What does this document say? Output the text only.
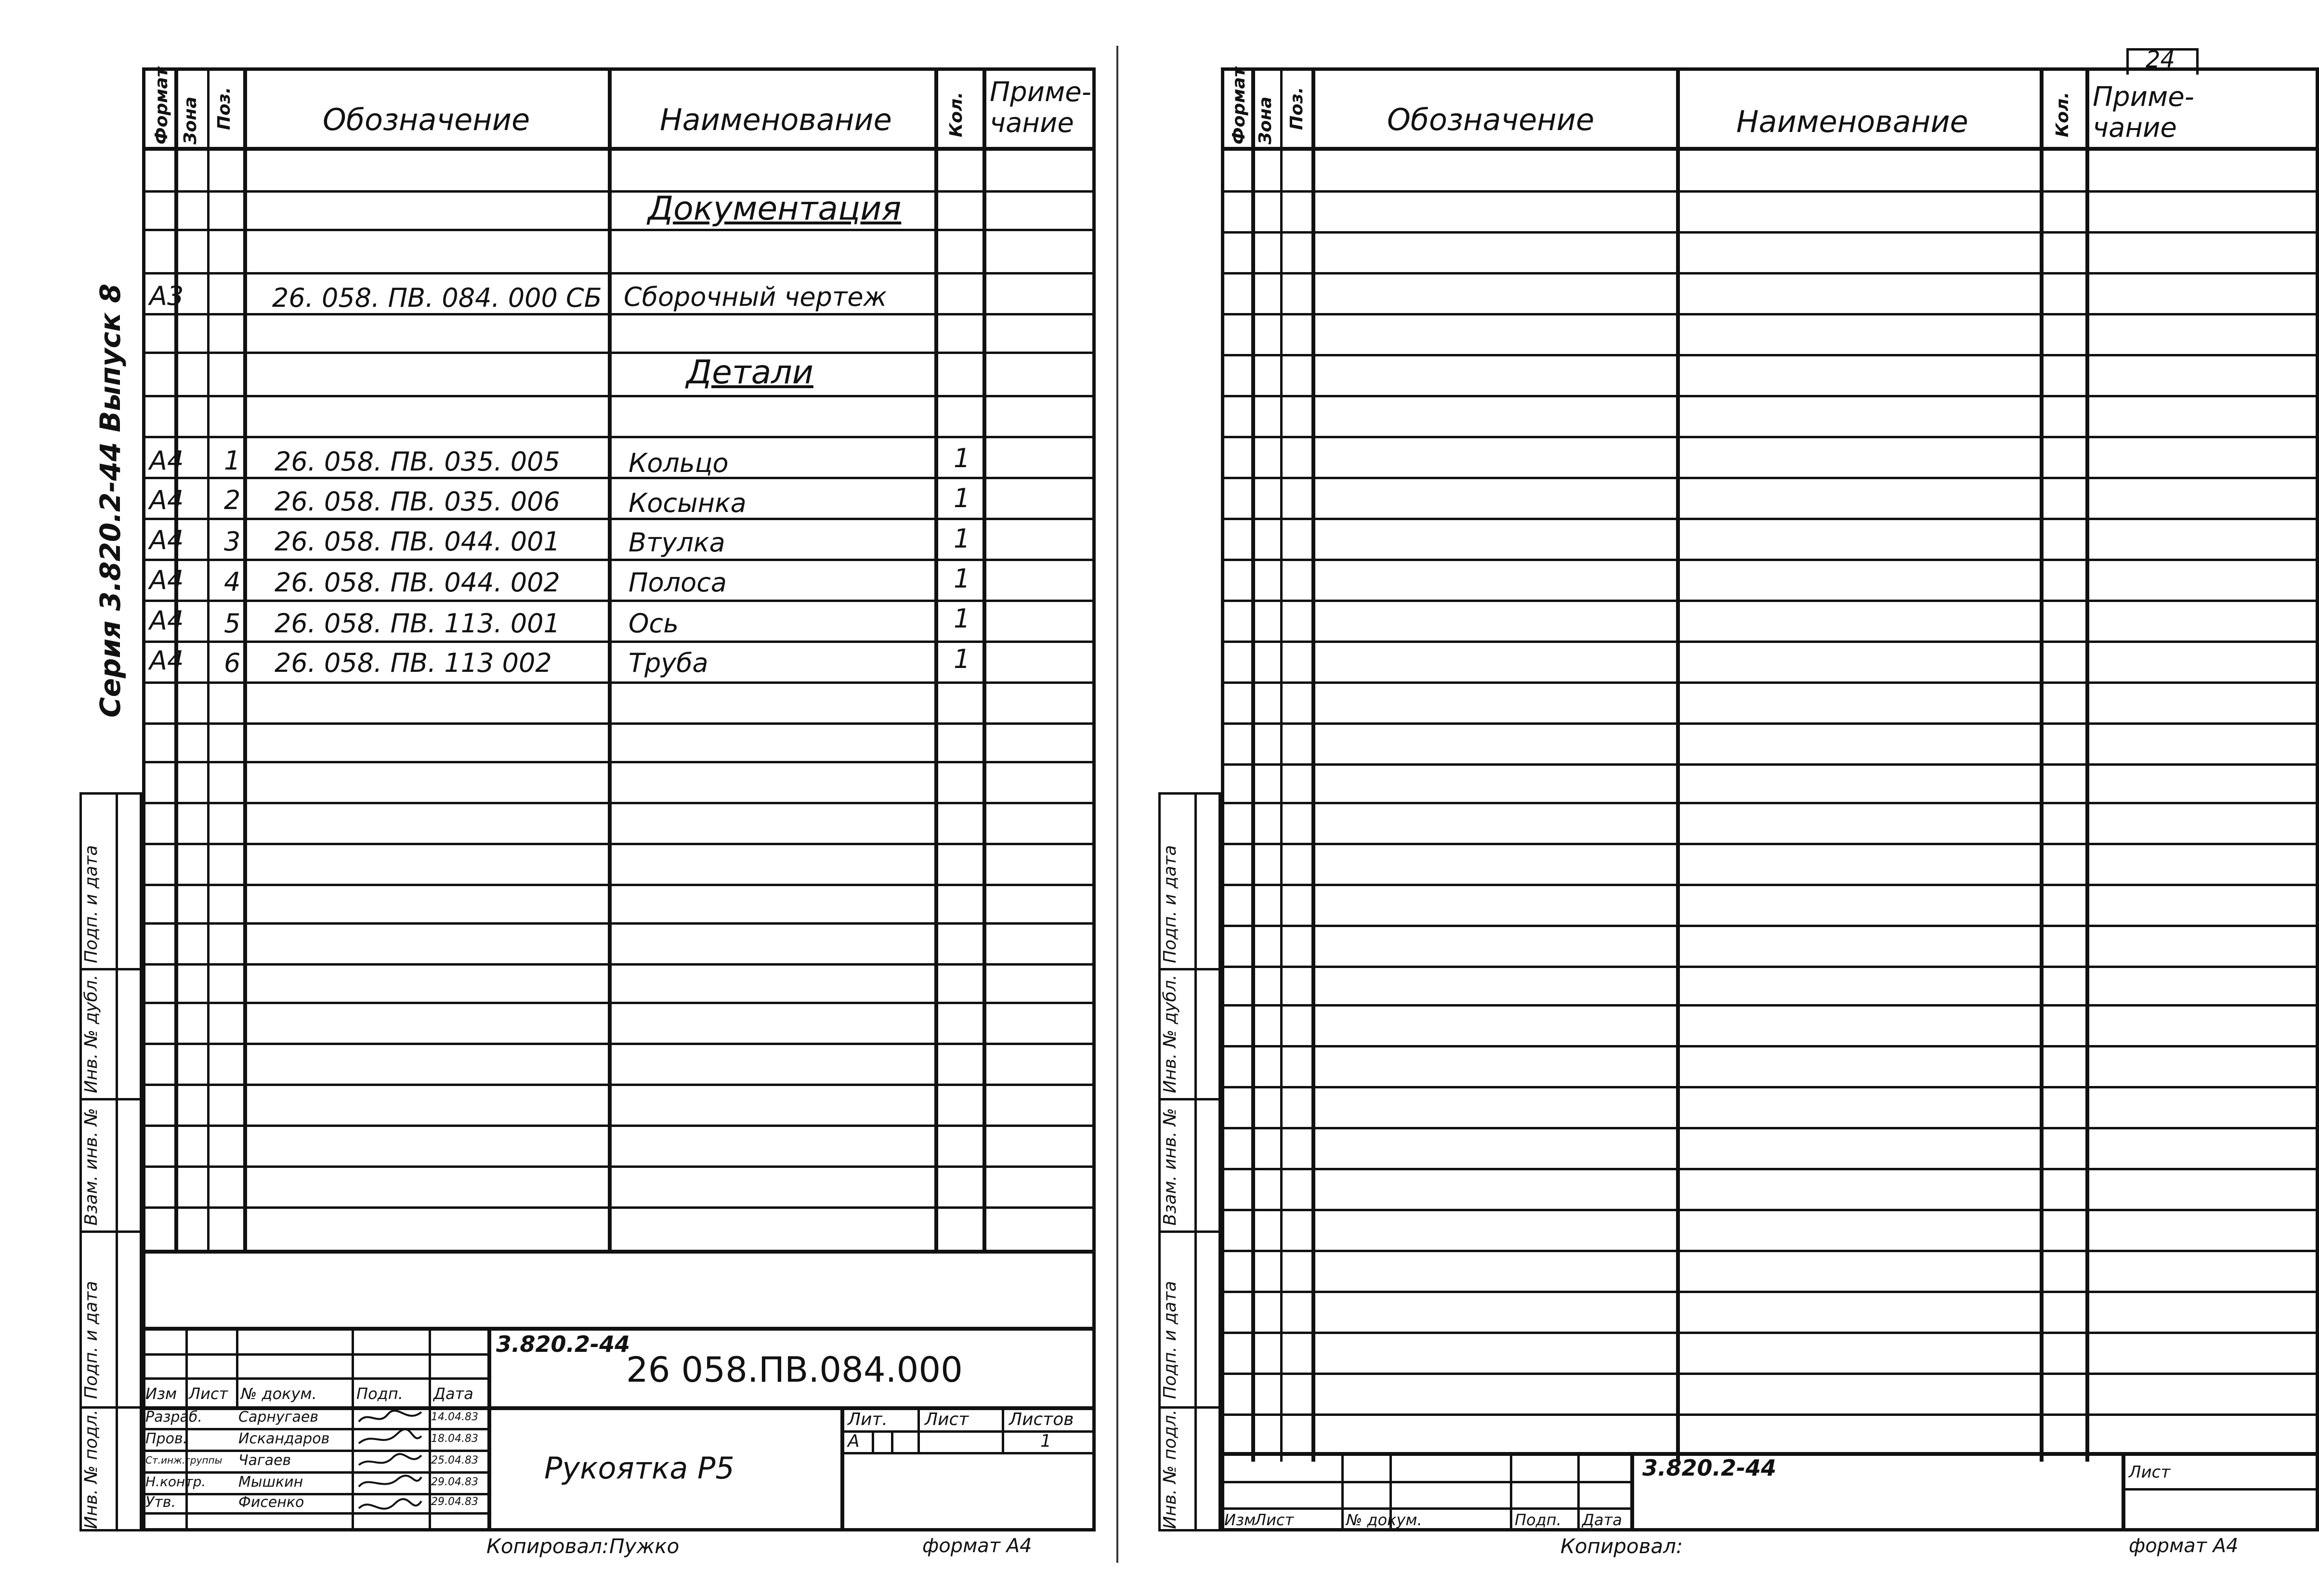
Инв. № подл.
Подп. и дата
Взам. инв. №
Инв. № дубл.
Подп. и дата
Серия 3.820.2-44 Выпуск 8
Формат Зона Поз.	Обозначение	Наименование	Кол. Приме-
чание
Документация
Детали
А3	26. 058. ПВ. 084. 000 СБ Сборочный чертеж
А4 1 26. 058. ПВ. 035. 005	Кольцо	1
А4 2 26. 058. ПВ. 035. 006	Косынка	1
А4 3 26. 058. ПВ. 044. 001	Втулка	1
А4 4 26. 058. ПВ. 044. 002	Полоса	1
А4 5 26. 058. ПВ. 113. 001	Ось	1
А4 6 26. 058. ПВ. 113 002	Труба	1
Изм Лист № докум.	Подп. Дата
Разраб.	Сарнугаев	14.04.83
Пров.	Искандаров	18.04.83
Ст.инж.группы Чагаев	25.04.83
Н.контр. Мышкин	29.04.83
Утв.	Фисенко	29.04.83
3.820.2-44
26 058.ПВ.084.000
Рукоятка Р5
Лит. Лист Листов
А	1
Копировал: Пужко	формат А4
24
Инв. № подл.
Подп. и дата
Взам. инв. №
Инв. № дубл.
Подп. и дата
Формат Зона Поз.	Обозначение	Наименование	Кол. Приме-
чание
3.820.2-44	Лист
Изм
Лист	№ докум.	Подп. Дата
Копировал:	формат А4
